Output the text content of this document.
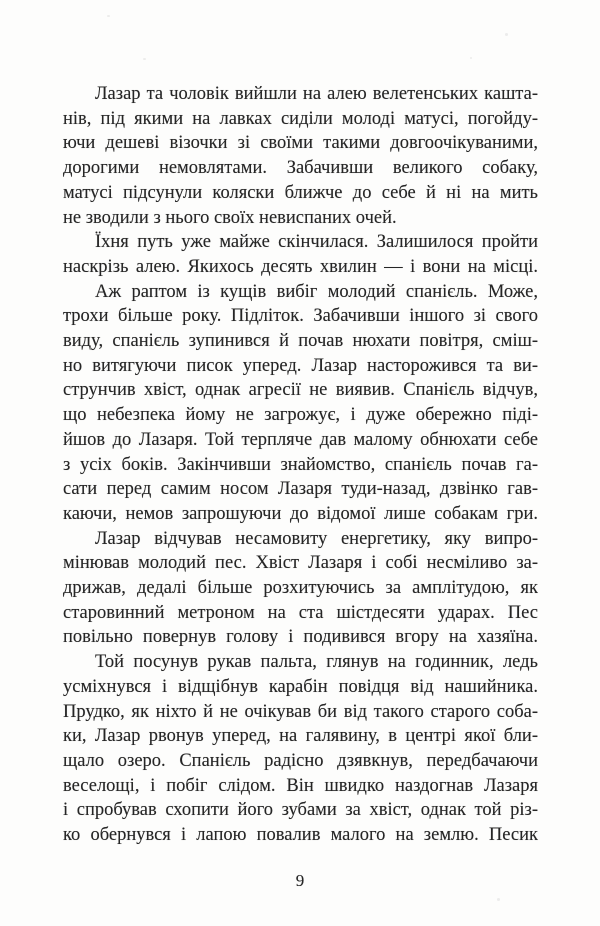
Лазар та чоловік вийшли на алею велетенських кашта-
нів, під якими на лавках сиділи молоді матусі, погойду-
ючи дешеві візочки зі своїми такими довгоочікуваними,
дорогими немовлятами. Забачивши великого собаку,
матусі підсунули коляски ближче до себе й ні на мить
не зводили з нього своїх невиспаних очей.
Їхня путь уже майже скінчилася. Залишилося пройти
наскрізь алею. Якихось десять хвилин — і вони на місці.
Аж раптом із кущів вибіг молодий спанієль. Може,
трохи більше року. Підліток. Забачивши іншого зі свого
виду, спанієль зупинився й почав нюхати повітря, сміш-
но витягуючи писок уперед. Лазар насторожився та ви-
струнчив хвіст, однак агресії не виявив. Спанієль відчув,
що небезпека йому не загрожує, і дуже обережно піді-
йшов до Лазаря. Той терпляче дав малому обнюхати себе
з усіх боків. Закінчивши знайомство, спанієль почав га-
сати перед самим носом Лазаря туди-назад, дзвінко гав-
каючи, немов запрошуючи до відомої лише собакам гри.
Лазар відчував несамовиту енергетику, яку випро-
мінював молодий пес. Хвіст Лазаря і собі несміливо за-
дрижав, дедалі більше розхитуючись за амплітудою, як
старовинний метроном на ста шістдесяти ударах. Пес
повільно повернув голову і подивився вгору на хазяїна.
Той посунув рукав пальта, глянув на годинник, ледь
усміхнувся і відщібнув карабін повідця від нашийника.
Прудко, як ніхто й не очікував би від такого старого соба-
ки, Лазар рвонув уперед, на галявину, в центрі якої бли-
щало озеро. Спанієль радісно дзявкнув, передбачаючи
веселощі, і побіг слідом. Він швидко наздогнав Лазаря
і спробував схопити його зубами за хвіст, однак той різ-
ко обернувся і лапою повалив малого на землю. Песик
9
